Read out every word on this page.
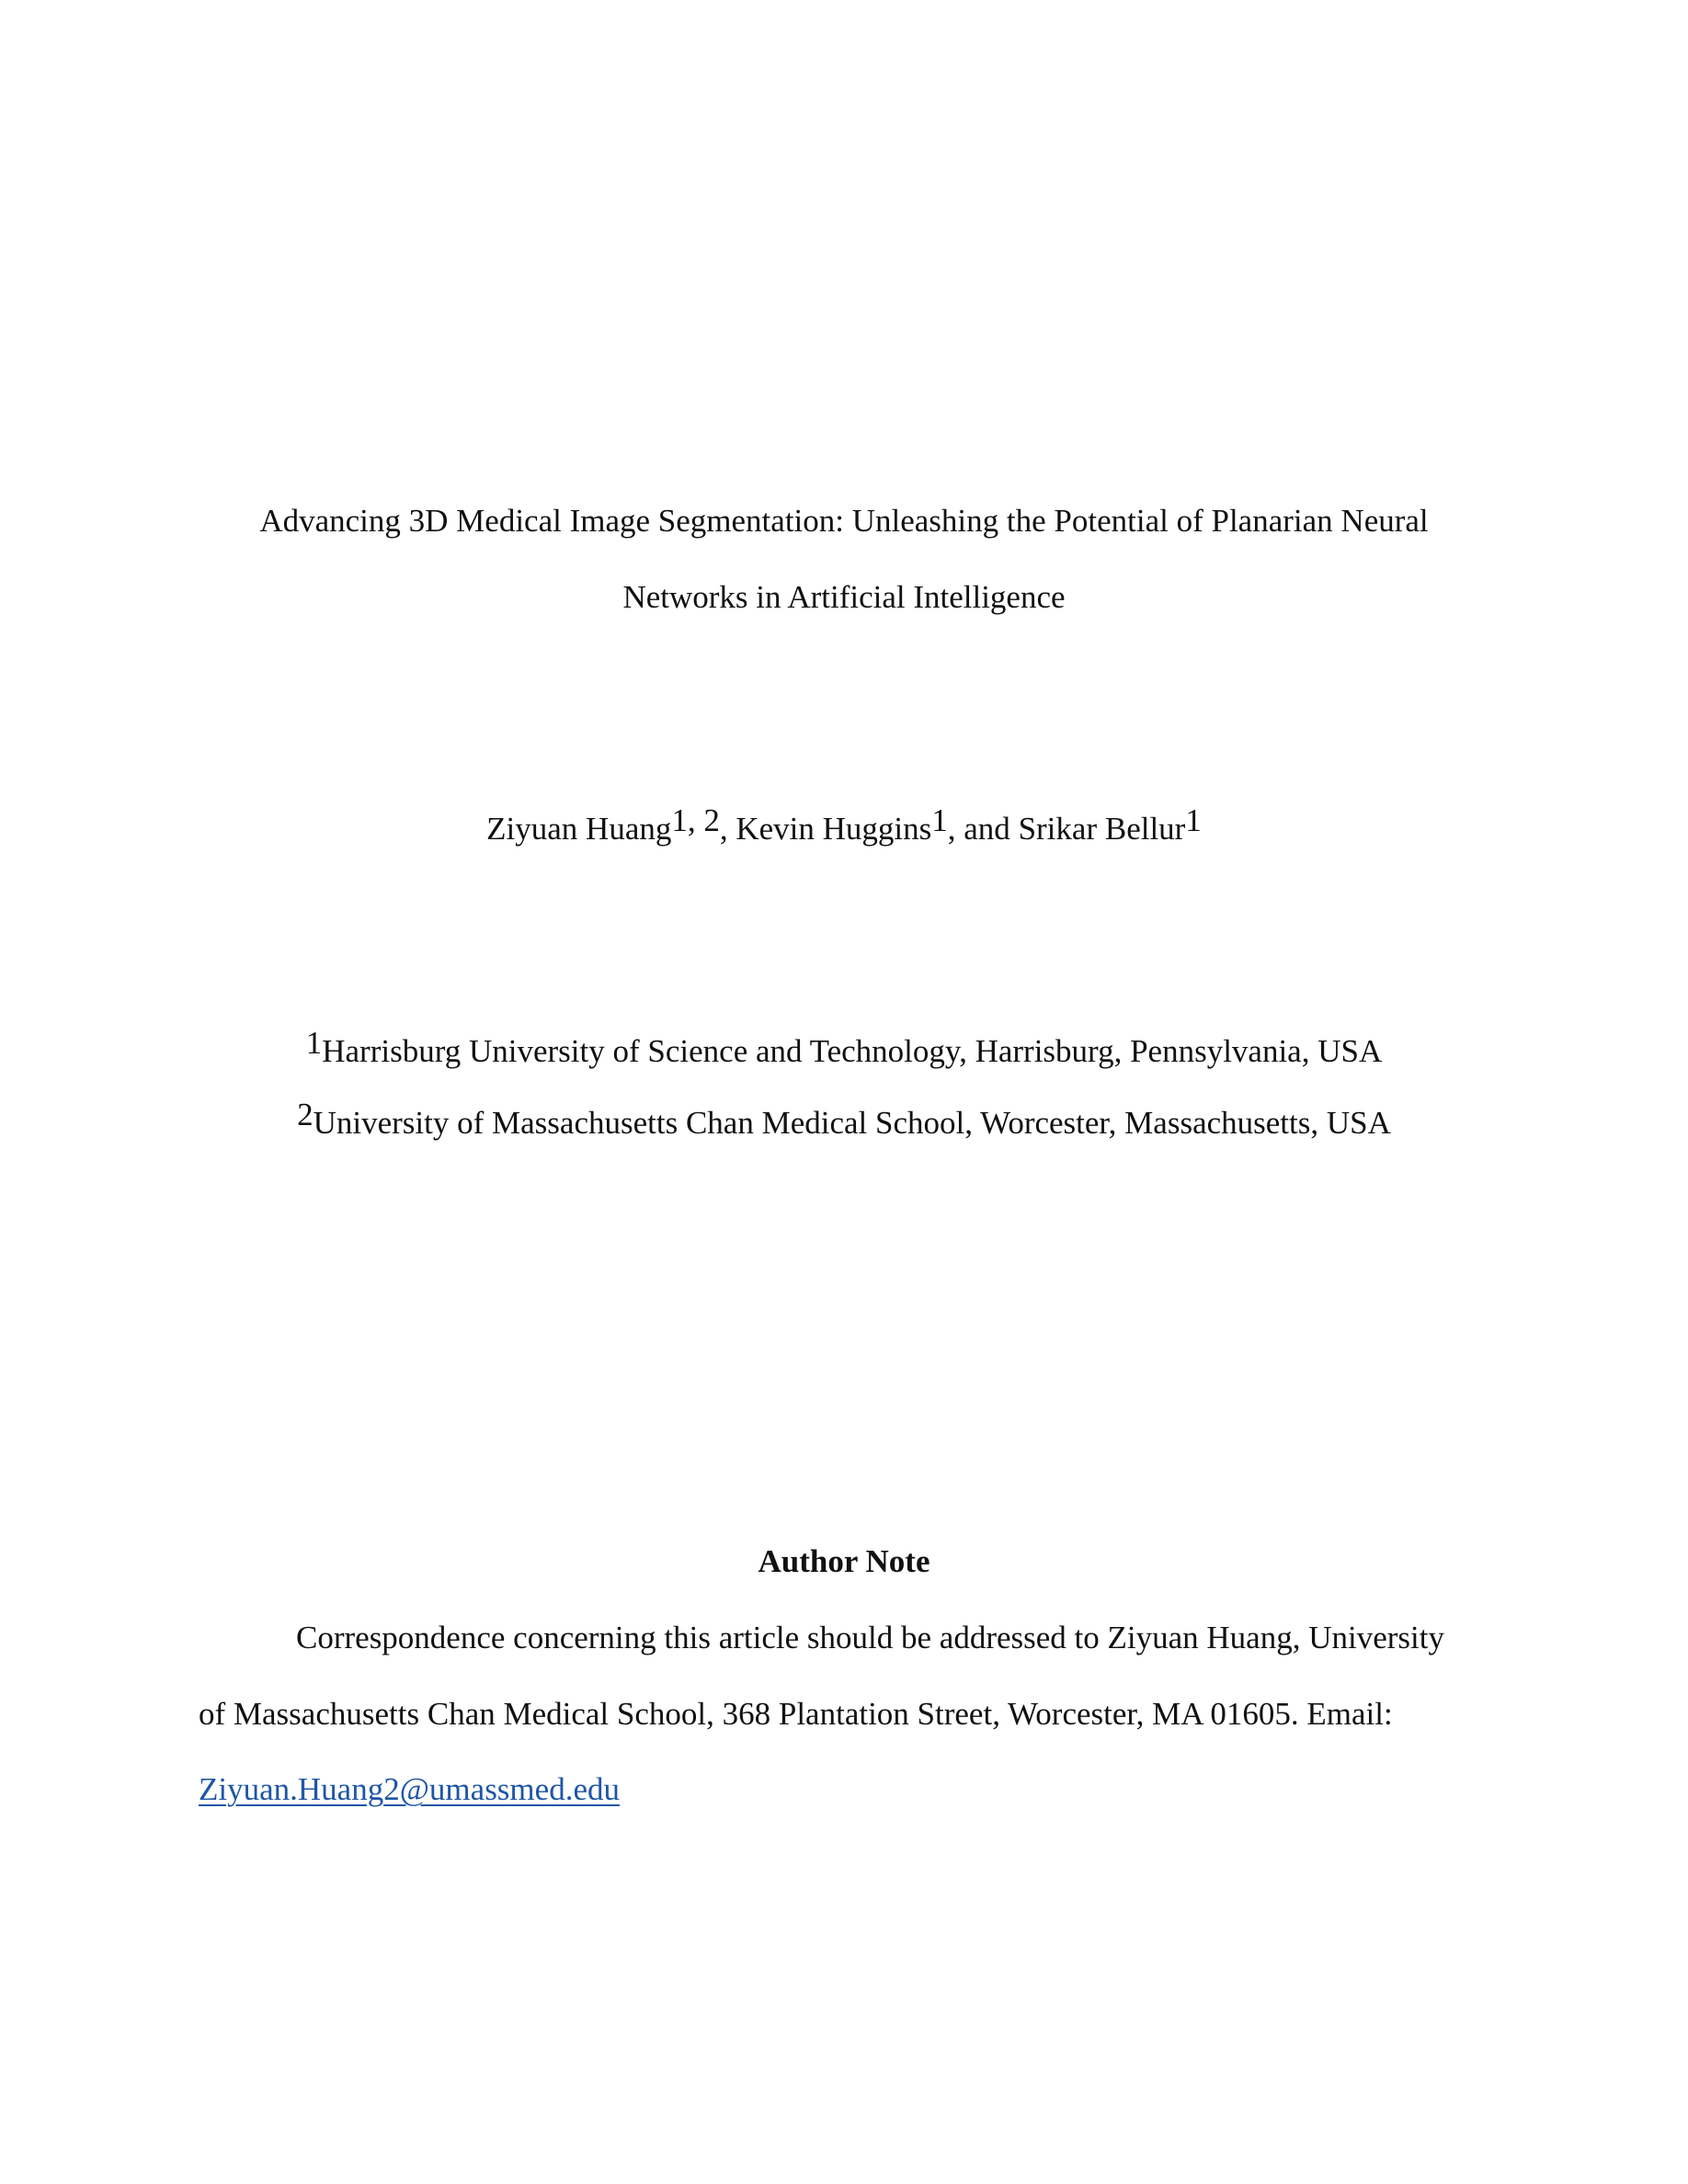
Advancing 3D Medical Image Segmentation: Unleashing the Potential of Planarian Neural
Networks in Artificial Intelligence
Ziyuan Huang$^{1, 2}$, Kevin Huggins$^1$, and Srikar Bellur$^1$
$^1$Harrisburg University of Science and Technology, Harrisburg, Pennsylvania, USA
$^2$University of Massachusetts Chan Medical School, Worcester, Massachusetts, USA
Author Note
Correspondence concerning this article should be addressed to Ziyuan Huang, University
of Massachusetts Chan Medical School, 368 Plantation Street, Worcester, MA 01605. Email:
Ziyuan.Huang2@umassmed.edu
